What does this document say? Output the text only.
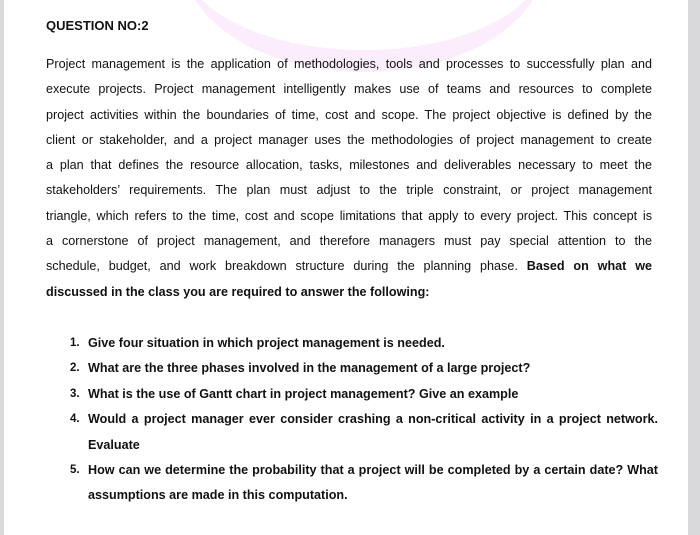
QUESTION NO:2
Project management is the application of methodologies, tools and processes to successfully plan and
execute projects. Project management intelligently makes use of teams and resources to complete
project activities within the boundaries of time, cost and scope. The project objective is defined by the
client or stakeholder, and a project manager uses the methodologies of project management to create
a plan that defines the resource allocation, tasks, milestones and deliverables necessary to meet the
stakeholders’ requirements. The plan must adjust to the triple constraint, or project management
triangle, which refers to the time, cost and scope limitations that apply to every project. This concept is
a cornerstone of project management, and therefore managers must pay special attention to the
schedule, budget, and work breakdown structure during the planning phase. Based on what we
discussed in the class you are required to answer the following:
1. Give four situation in which project management is needed.
2. What are the three phases involved in the management of a large project?
3. What is the use of Gantt chart in project management? Give an example
4. Would a project manager ever consider crashing a non-critical activity in a project network.
Evaluate
5. How can we determine the probability that a project will be completed by a certain date? What
assumptions are made in this computation.
